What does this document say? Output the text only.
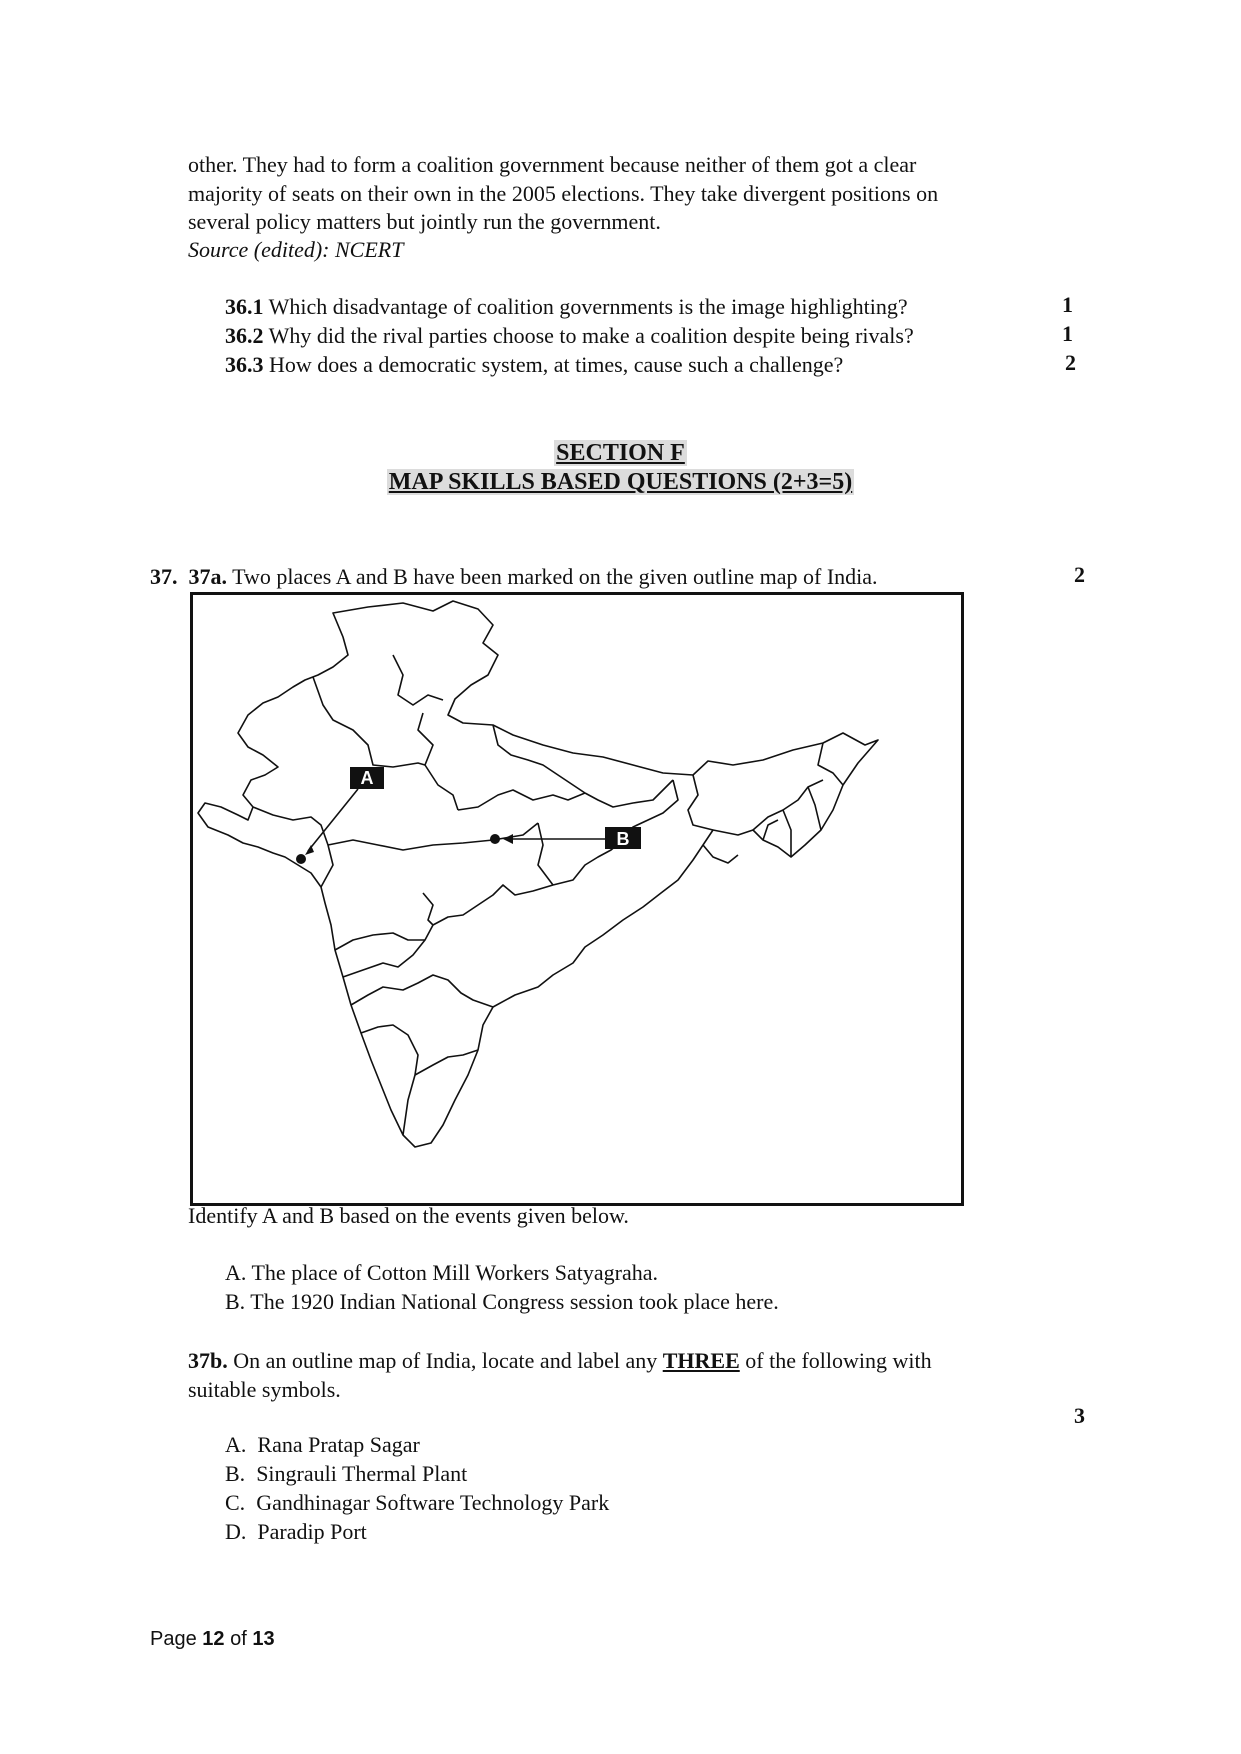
other. They had to form a coalition government because neither of them got a clear
majority of seats on their own in the 2005 elections. They take divergent positions on
several policy matters but jointly run the government.
Source (edited): NCERT
36.1 Which disadvantage of coalition governments is the image highlighting?	1
36.2 Why did the rival parties choose to make a coalition despite being rivals?	1
36.3 How does a democratic system, at times, cause such a challenge?	2
SECTION F
MAP SKILLS BASED QUESTIONS (2+3=5)
37. 37a. Two places A and B have been marked on the given outline map of India.	2
A
B
Identify A and B based on the events given below.
A. The place of Cotton Mill Workers Satyagraha.
B. The 1920 Indian National Congress session took place here.
37b. On an outline map of India, locate and label any THREE of the following with
suitable symbols.
3
A. Rana Pratap Sagar
B. Singrauli Thermal Plant
C. Gandhinagar Software Technology Park
D. Paradip Port
Page 12 of 13
